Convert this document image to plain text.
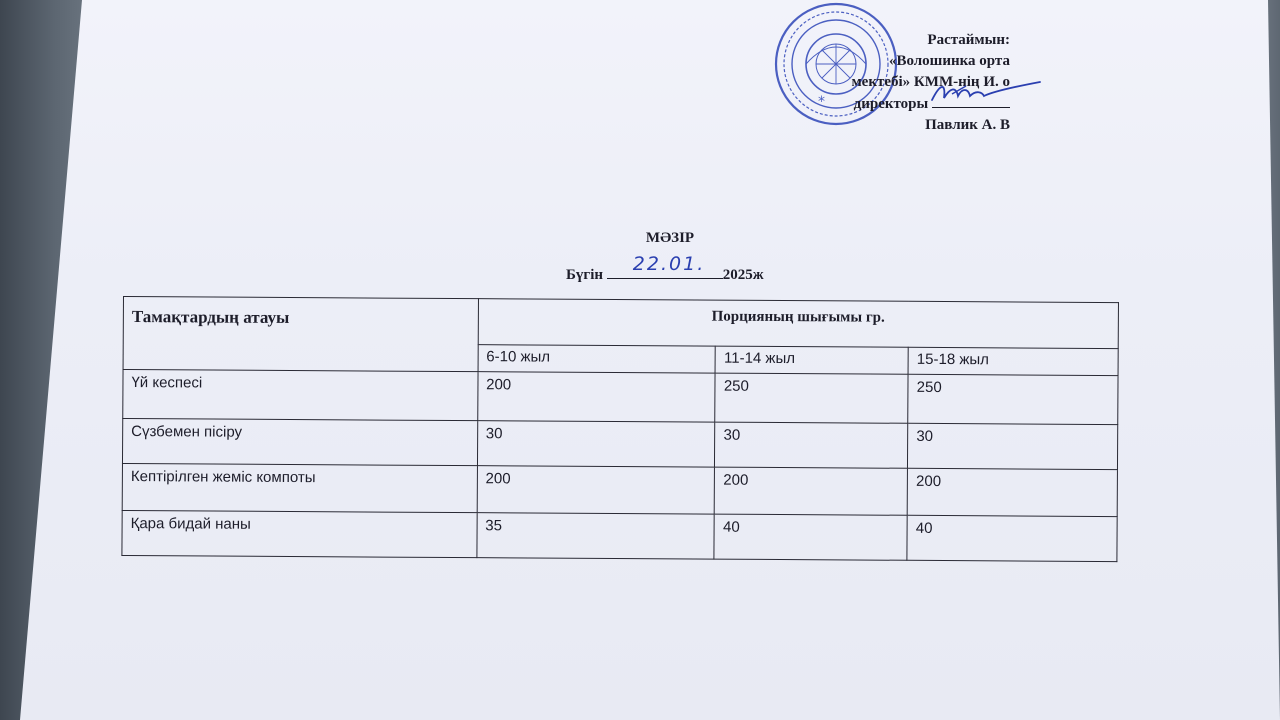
*
Растаймын:
«Волошинка орта
мектебі» КММ-нің И. о
директоры
Павлик А. В
МӘЗІР
Бүгін 22.01. 2025ж
Тамақтардың атауы	Порцияның шығымы гр.		
	6-10 жыл	11-14 жыл	15-18 жыл
Үй кеспесі	200	250	250
Сүзбемен пісіру	30	30	30
Кептірілген жеміс компоты	200	200	200
Қара бидай наны	35	40	40
